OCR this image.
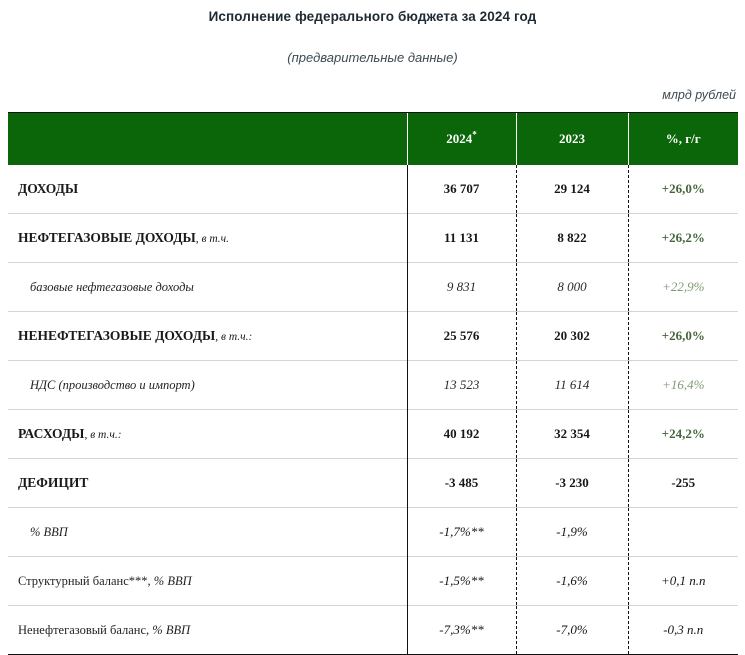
Исполнение федерального бюджета за 2024 год
(предварительные данные)
млрд рублей
	2024*	2023	%, г/г
ДОХОДЫ	36 707	29 124	+26,0%
НЕФТЕГАЗОВЫЕ ДОХОДЫ, в т.ч.	11 131	8 822	+26,2%
базовые нефтегазовые доходы	9 831	8 000	+22,9%
НЕНЕФТЕГАЗОВЫЕ ДОХОДЫ, в т.ч.:	25 576	20 302	+26,0%
НДС (производство и импорт)	13 523	11 614	+16,4%
РАСХОДЫ, в т.ч.:	40 192	32 354	+24,2%
ДЕФИЦИТ	-3 485	-3 230	-255
% ВВП	-1,7%**	-1,9%	
Структурный баланс***, % ВВП	-1,5%**	-1,6%	+0,1 п.п
Ненефтегазовый баланс, % ВВП	-7,3%**	-7,0%	-0,3 п.п
